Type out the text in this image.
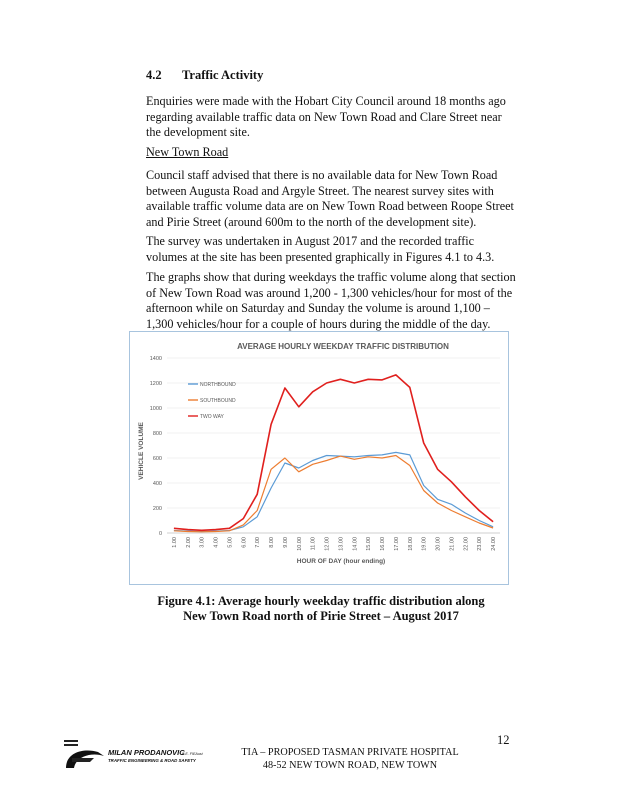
4.2 Traffic Activity
Enquiries were made with the Hobart City Council around 18 months ago regarding available traffic data on New Town Road and Clare Street near the development site.
New Town Road
Council staff advised that there is no available data for New Town Road between Augusta Road and Argyle Street. The nearest survey sites with available traffic volume data are on New Town Road between Roope Street and Pirie Street (around 600m to the north of the development site).
The survey was undertaken in August 2017 and the recorded traffic volumes at the site has been presented graphically in Figures 4.1 to 4.3.
The graphs show that during weekdays the traffic volume along that section of New Town Road was around 1,200 - 1,300 vehicles/hour for most of the afternoon while on Saturday and Sunday the volume is around 1,100 – 1,300 vehicles/hour for a couple of hours during the middle of the day.
AVERAGE HOURLY WEEKDAY TRAFFIC DISTRIBUTION
0
200
400
600
800
1000
1200
1400
1.00 2.00 3.00 4.00 5.00 6.00 7.00 8.00 9.00 10.00 11.00 12.00 13.00 14.00 15.00 16.00 17.00 18.00 19.00 20.00 21.00 22.00 23.00 24.00
NORTHBOUND
SOUTHBOUND
TWO WAY
HOUR OF DAY (hour ending)
VEHICLE VOLUME
Figure 4.1: Average hourly weekday traffic distribution along
New Town Road north of Pirie Street – August 2017
12
MILAN PRODANOVIC
B.E. FIEAust
TRAFFIC ENGINEERING & ROAD SAFETY
TIA – PROPOSED TASMAN PRIVATE HOSPITAL
48-52 NEW TOWN ROAD, NEW TOWN
